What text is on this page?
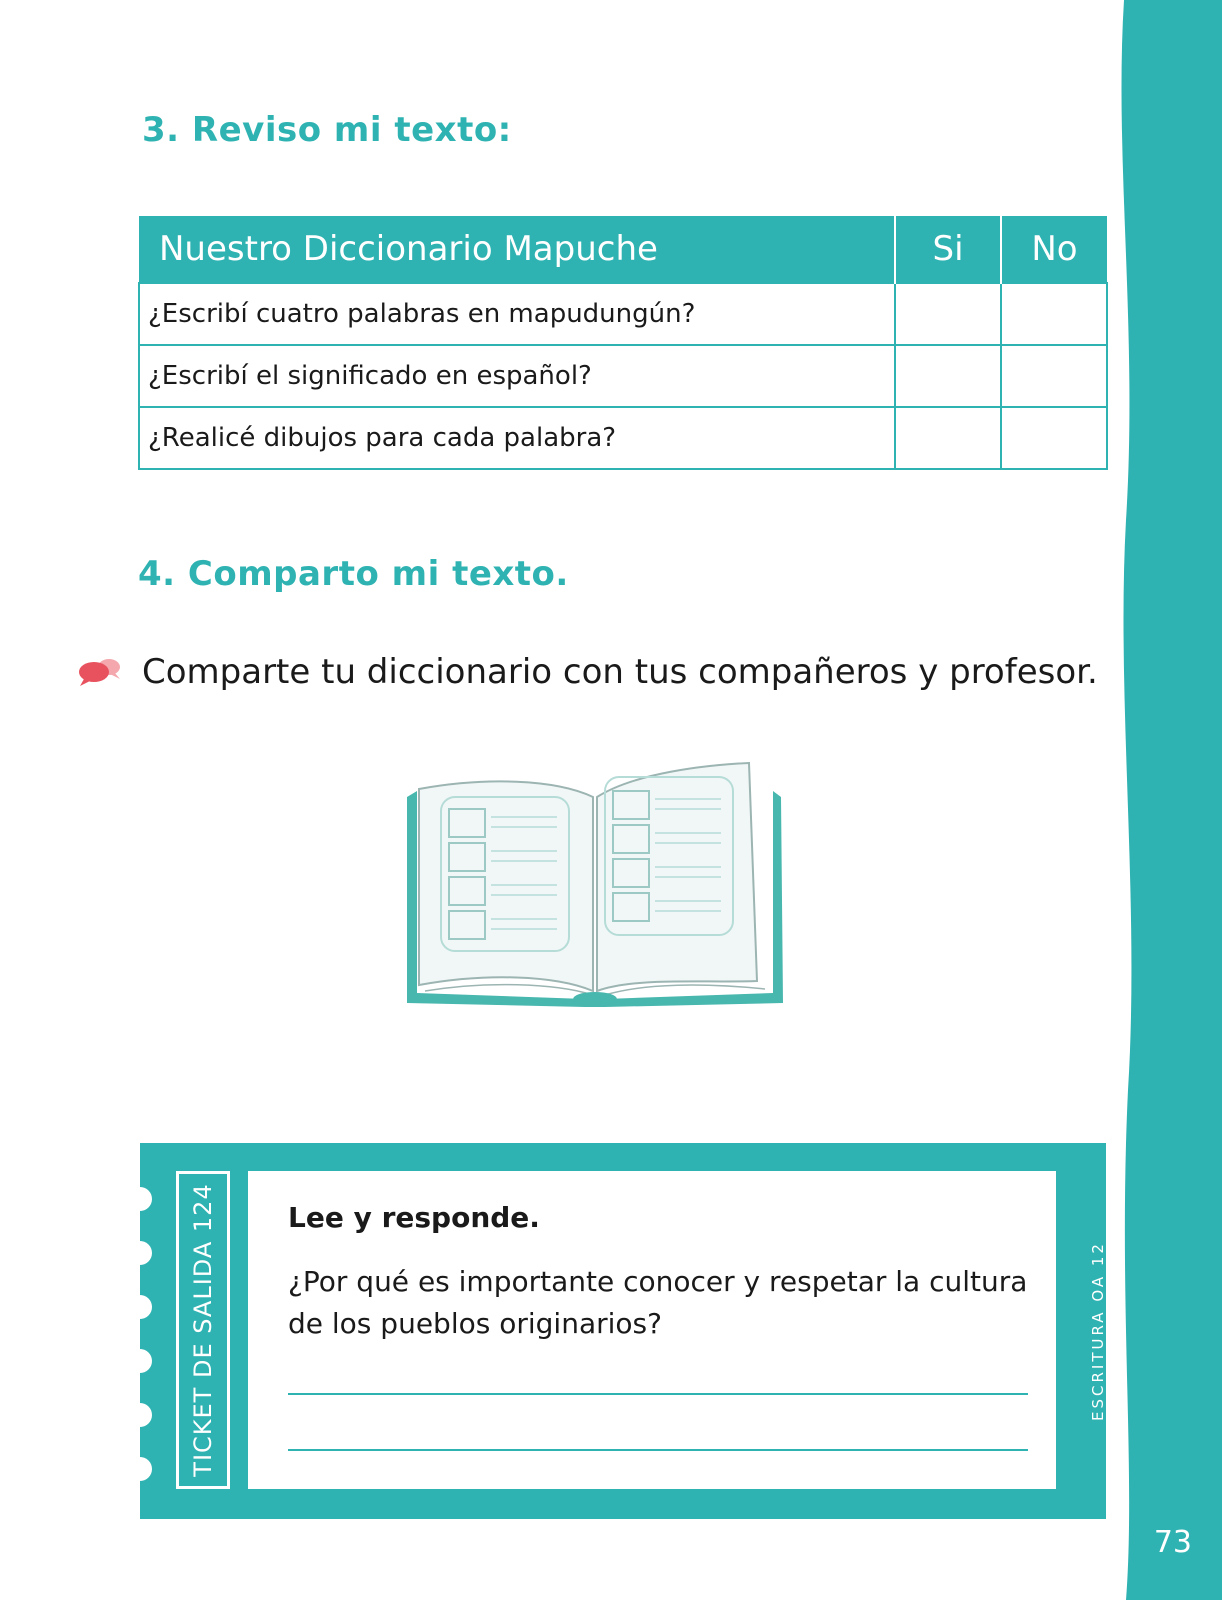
73
3. Reviso mi texto:
Nuestro Diccionario Mapuche	Si	No
¿Escribí cuatro palabras en mapudungún?		
¿Escribí el significado en español?		
¿Realicé dibujos para cada palabra?		
4. Comparto mi texto.
Comparte tu diccionario con tus compañeros y profesor.
TICKET DE SALIDA 124	Lee y responde.
¿Por qué es importante conocer y respetar la cultura de los pueblos originarios?	ESCRITURA OA 12
